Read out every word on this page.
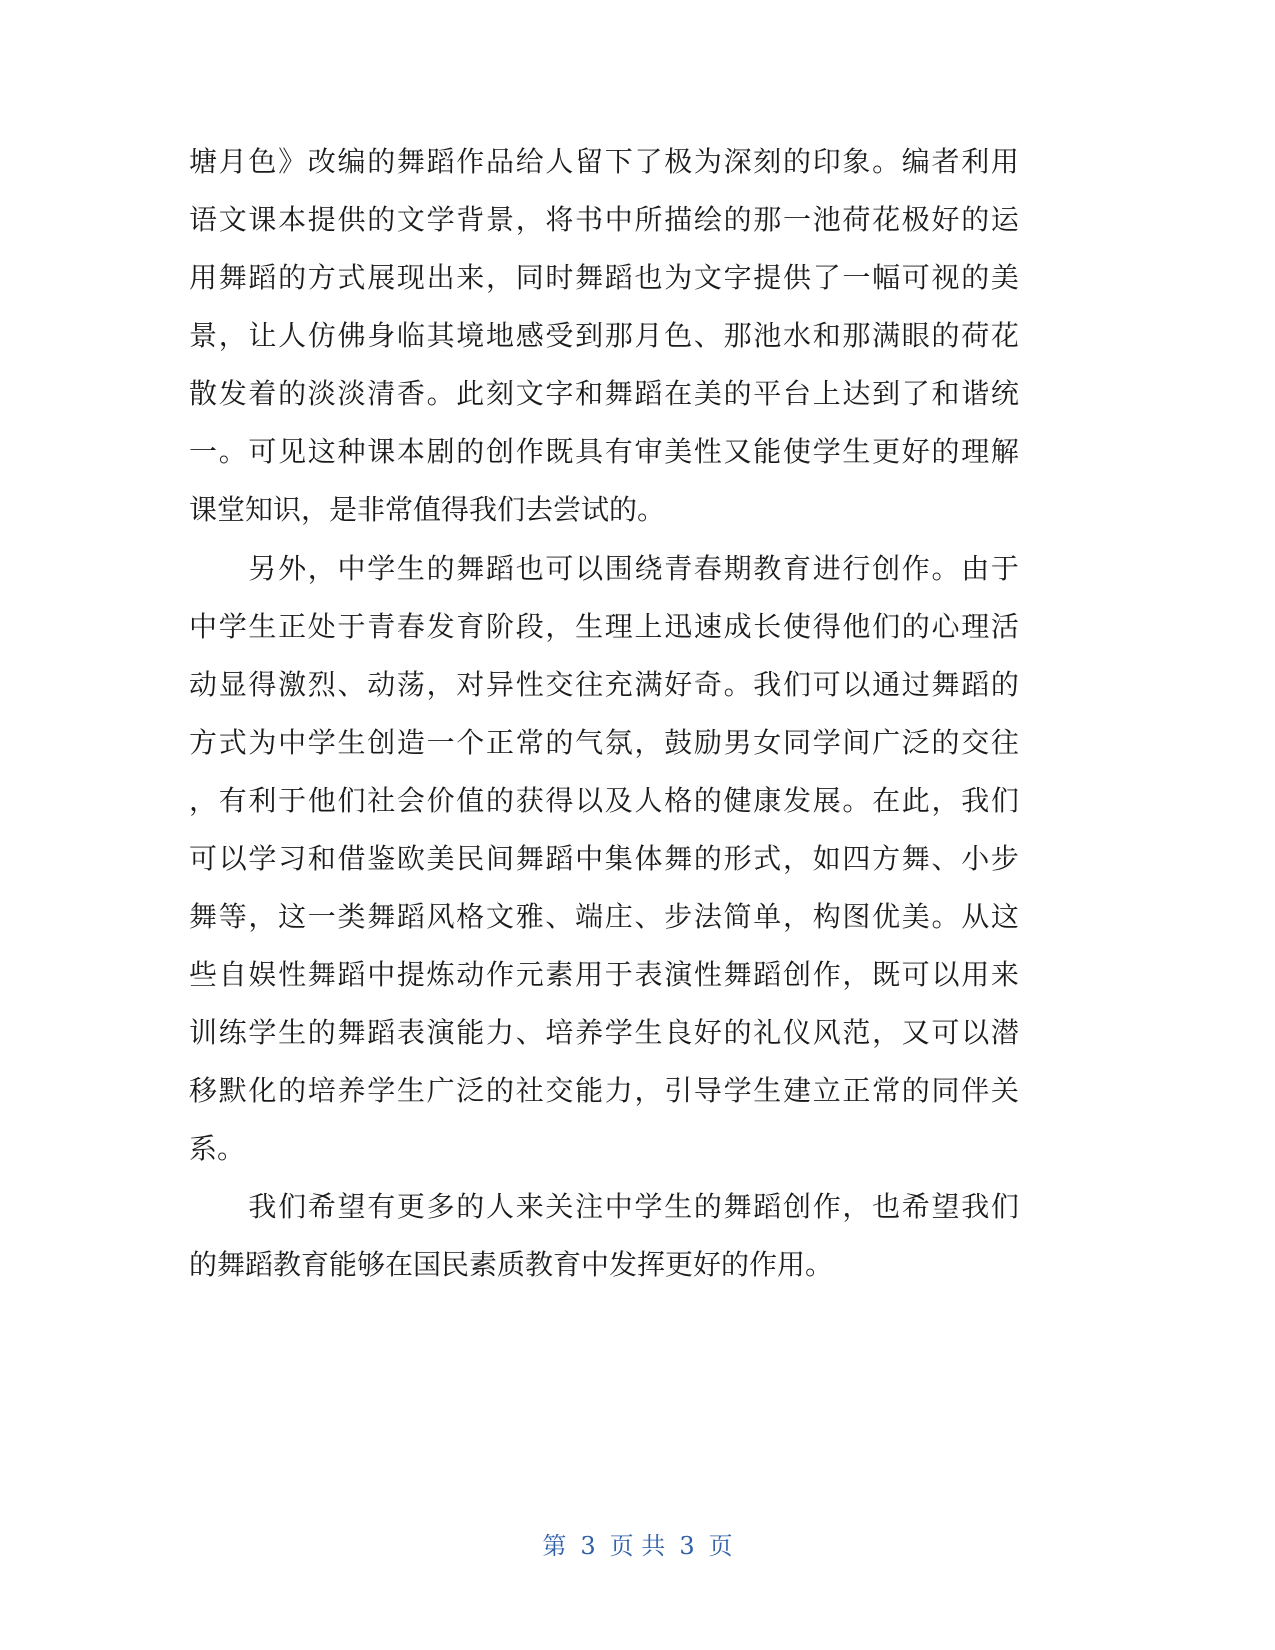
塘月色》改编的舞蹈作品给人留下了极为深刻的印象。编者利用
语文课本提供的文学背景，将书中所描绘的那一池荷花极好的运
用舞蹈的方式展现出来，同时舞蹈也为文字提供了一幅可视的美
景，让人仿佛身临其境地感受到那月色、那池水和那满眼的荷花
散发着的淡淡清香。此刻文字和舞蹈在美的平台上达到了和谐统
一。可见这种课本剧的创作既具有审美性又能使学生更好的理解
课堂知识，是非常值得我们去尝试的。
　　另外，中学生的舞蹈也可以围绕青春期教育进行创作。由于
中学生正处于青春发育阶段，生理上迅速成长使得他们的心理活
动显得激烈、动荡，对异性交往充满好奇。我们可以通过舞蹈的
方式为中学生创造一个正常的气氛，鼓励男女同学间广泛的交往
，有利于他们社会价值的获得以及人格的健康发展。在此，我们
可以学习和借鉴欧美民间舞蹈中集体舞的形式，如四方舞、小步
舞等，这一类舞蹈风格文雅、端庄、步法简单，构图优美。从这
些自娱性舞蹈中提炼动作元素用于表演性舞蹈创作，既可以用来
训练学生的舞蹈表演能力、培养学生良好的礼仪风范，又可以潜
移默化的培养学生广泛的社交能力，引导学生建立正常的同伴关
系。
　　我们希望有更多的人来关注中学生的舞蹈创作，也希望我们
的舞蹈教育能够在国民素质教育中发挥更好的作用。
第 3 页 共 3 页
